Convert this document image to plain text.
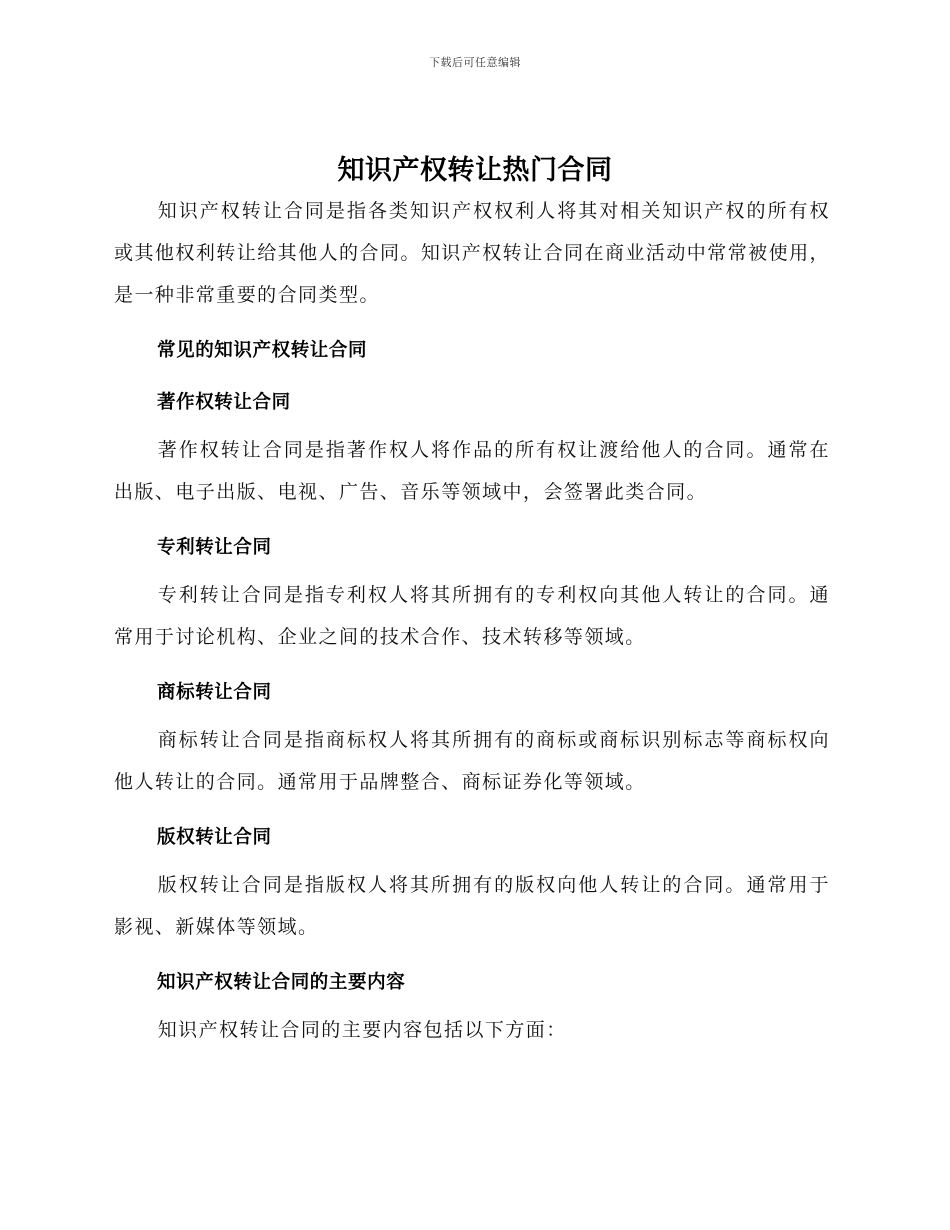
下载后可任意编辑
知识产权转让热门合同

知识产权转让合同是指各类知识产权权利人将其对相关知识产权的所有权或其他权利转让给其他人的合同。知识产权转让合同在商业活动中常常被使用，是一种非常重要的合同类型。

常见的知识产权转让合同
著作权转让合同

著作权转让合同是指著作权人将作品的所有权让渡给他人的合同。通常在出版、电子出版、电视、广告、音乐等领域中，会签署此类合同。

专利转让合同

专利转让合同是指专利权人将其所拥有的专利权向其他人转让的合同。通常用于讨论机构、企业之间的技术合作、技术转移等领域。

商标转让合同

商标转让合同是指商标权人将其所拥有的商标或商标识别标志等商标权向他人转让的合同。通常用于品牌整合、商标证券化等领域。

版权转让合同

版权转让合同是指版权人将其所拥有的版权向他人转让的合同。通常用于影视、新媒体等领域。

知识产权转让合同的主要内容

知识产权转让合同的主要内容包括以下方面：
